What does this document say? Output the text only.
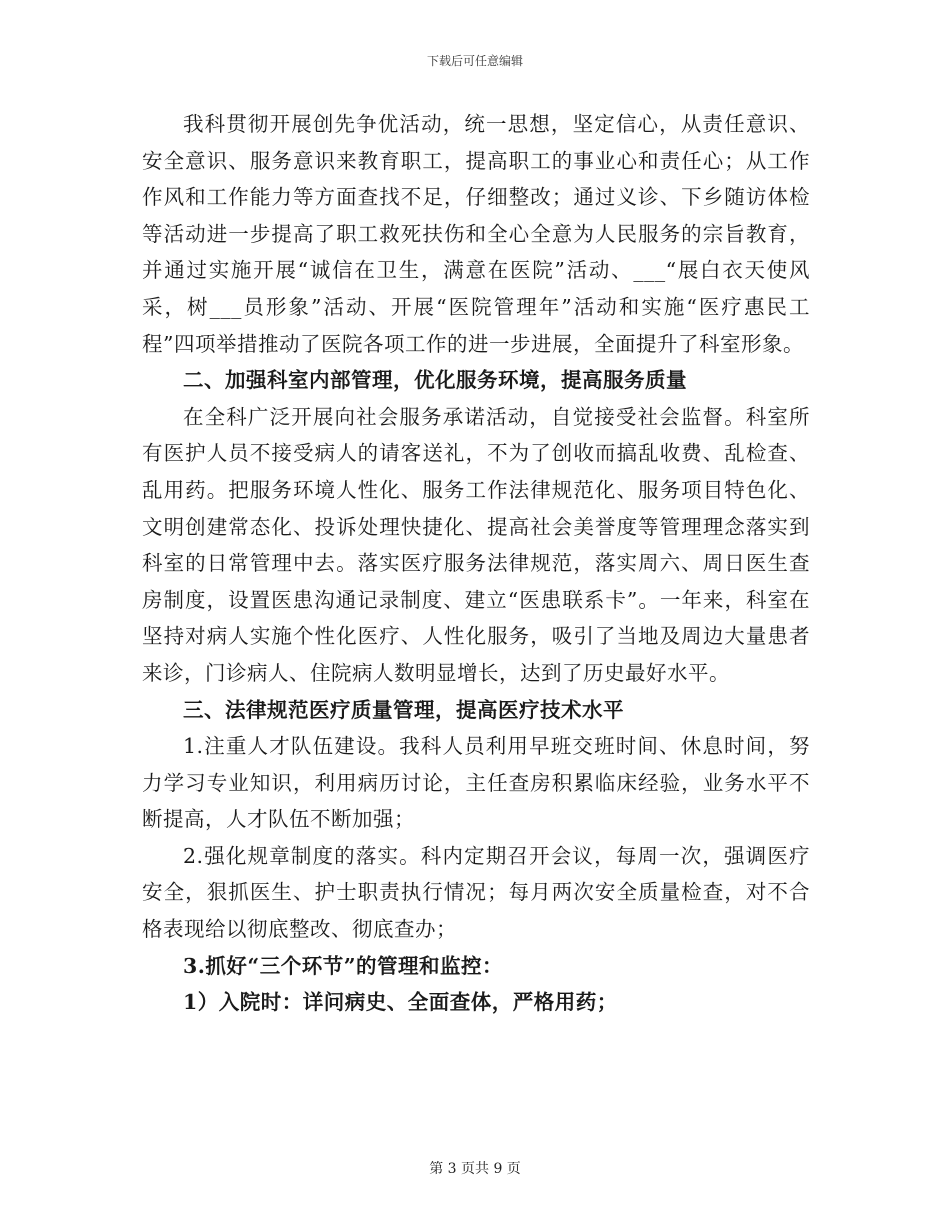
下载后可任意编辑

我科贯彻开展创先争优活动，统一思想，坚定信心，从责任意识、安全意识、服务意识来教育职工，提高职工的事业心和责任心；从工作作风和工作能力等方面查找不足，仔细整改；通过义诊、下乡随访体检等活动进一步提高了职工救死扶伤和全心全意为人民服务的宗旨教育，并通过实施开展“诚信在卫生，满意在医院”活动、___“展白衣天使风采，树___员形象”活动、开展“医院管理年”活动和实施“医疗惠民工程”四项举措推动了医院各项工作的进一步进展，全面提升了科室形象。

二、加强科室内部管理，优化服务环境，提高服务质量

在全科广泛开展向社会服务承诺活动，自觉接受社会监督。科室所有医护人员不接受病人的请客送礼，不为了创收而搞乱收费、乱检查、乱用药。把服务环境人性化、服务工作法律规范化、服务项目特色化、文明创建常态化、投诉处理快捷化、提高社会美誉度等管理理念落实到科室的日常管理中去。落实医疗服务法律规范，落实周六、周日医生查房制度，设置医患沟通记录制度、建立“医患联系卡”。一年来，科室在坚持对病人实施个性化医疗、人性化服务，吸引了当地及周边大量患者来诊，门诊病人、住院病人数明显增长，达到了历史最好水平。

三、法律规范医疗质量管理，提高医疗技术水平

1.注重人才队伍建设。我科人员利用早班交班时间、休息时间，努力学习专业知识，利用病历讨论，主任查房积累临床经验，业务水平不断提高，人才队伍不断加强；

2.强化规章制度的落实。科内定期召开会议，每周一次，强调医疗安全，狠抓医生、护士职责执行情况；每月两次安全质量检查，对不合格表现给以彻底整改、彻底查办；

3.抓好“三个环节”的管理和监控：

1）入院时：详问病史、全面查体，严格用药；

第 3 页共 9 页
